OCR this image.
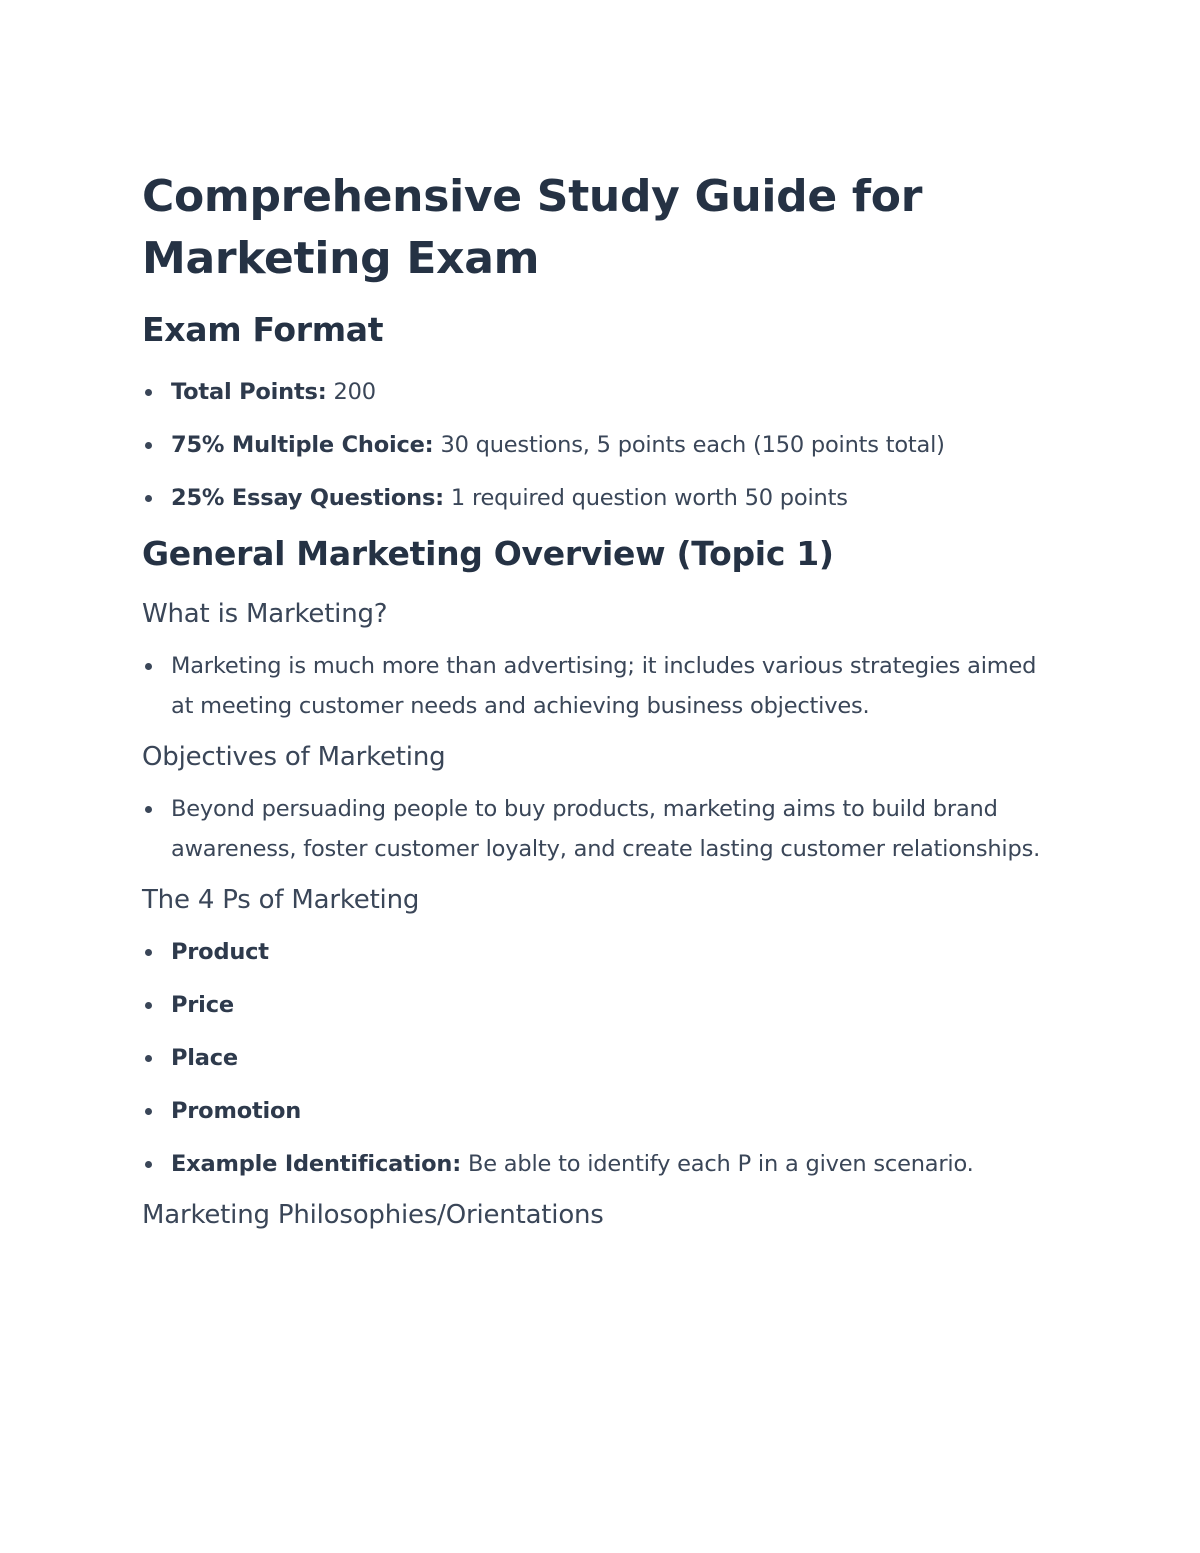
Comprehensive Study Guide for Marketing Exam
Exam Format
Total Points: 200
75% Multiple Choice: 30 questions, 5 points each (150 points total)
25% Essay Questions: 1 required question worth 50 points
General Marketing Overview (Topic 1)
What is Marketing?
Marketing is much more than advertising; it includes various strategies aimed at meeting customer needs and achieving business objectives.
Objectives of Marketing
Beyond persuading people to buy products, marketing aims to build brand awareness, foster customer loyalty, and create lasting customer relationships.
The 4 Ps of Marketing
Product
Price
Place
Promotion
Example Identification: Be able to identify each P in a given scenario.
Marketing Philosophies/Orientations
